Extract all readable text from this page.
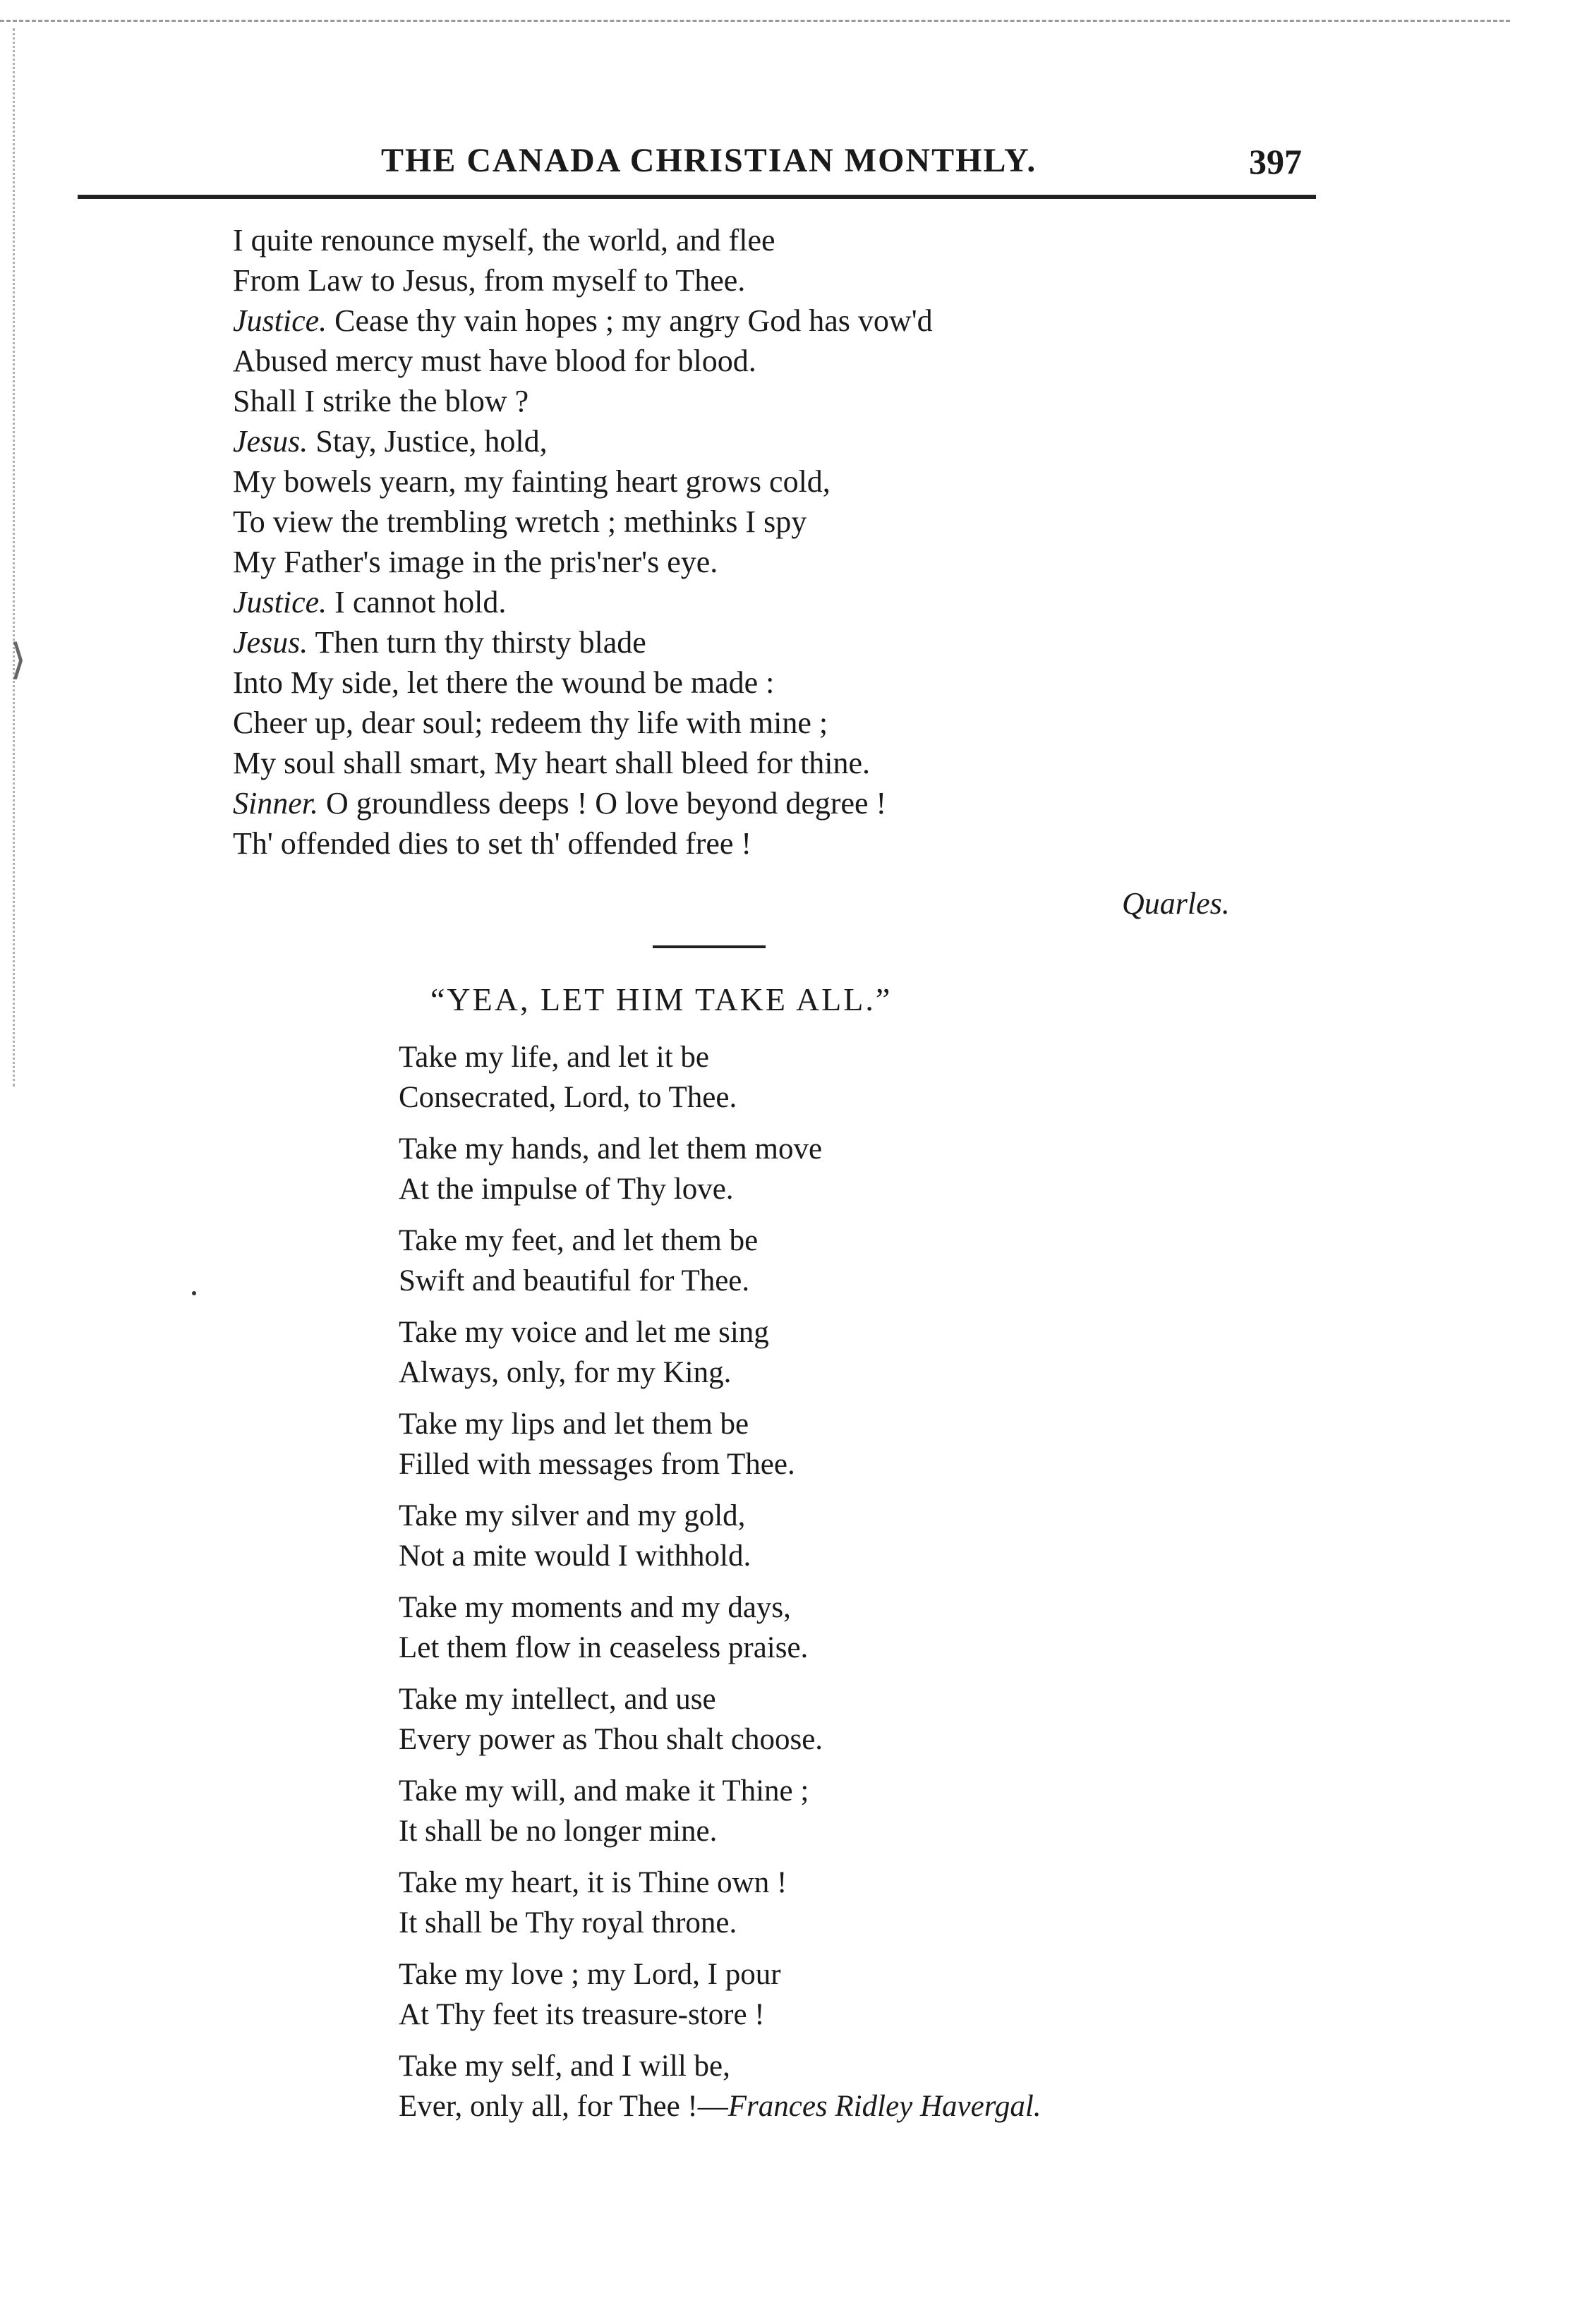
⟩
THE CANADA CHRISTIAN MONTHLY.	397
I quite renounce myself, the world, and flee
From Law to Jesus, from myself to Thee.
Justice. Cease thy vain hopes ; my angry God has vow'd
Abused mercy must have blood for blood.
Shall I strike the blow ?
Jesus. Stay, Justice, hold,
My bowels yearn, my fainting heart grows cold,
To view the trembling wretch ; methinks I spy
My Father's image in the pris'ner's eye.
Justice. I cannot hold.
Jesus. Then turn thy thirsty blade
Into My side, let there the wound be made :
Cheer up, dear soul; redeem thy life with mine ;
My soul shall smart, My heart shall bleed for thine.
Sinner. O groundless deeps ! O love beyond degree !
Th' offended dies to set th' offended free !
Quarles.
“YEA, LET HIM TAKE ALL.”
Take my life, and let it be
Consecrated, Lord, to Thee.
Take my hands, and let them move
At the impulse of Thy love.
Take my feet, and let them be
Swift and beautiful for Thee.
Take my voice and let me sing
Always, only, for my King.
Take my lips and let them be
Filled with messages from Thee.
Take my silver and my gold,
Not a mite would I withhold.
Take my moments and my days,
Let them flow in ceaseless praise.
Take my intellect, and use
Every power as Thou shalt choose.
Take my will, and make it Thine ;
It shall be no longer mine.
Take my heart, it is Thine own !
It shall be Thy royal throne.
Take my love ; my Lord, I pour
At Thy feet its treasure-store !
Take my self, and I will be,
Ever, only all, for Thee !—Frances Ridley Havergal.
